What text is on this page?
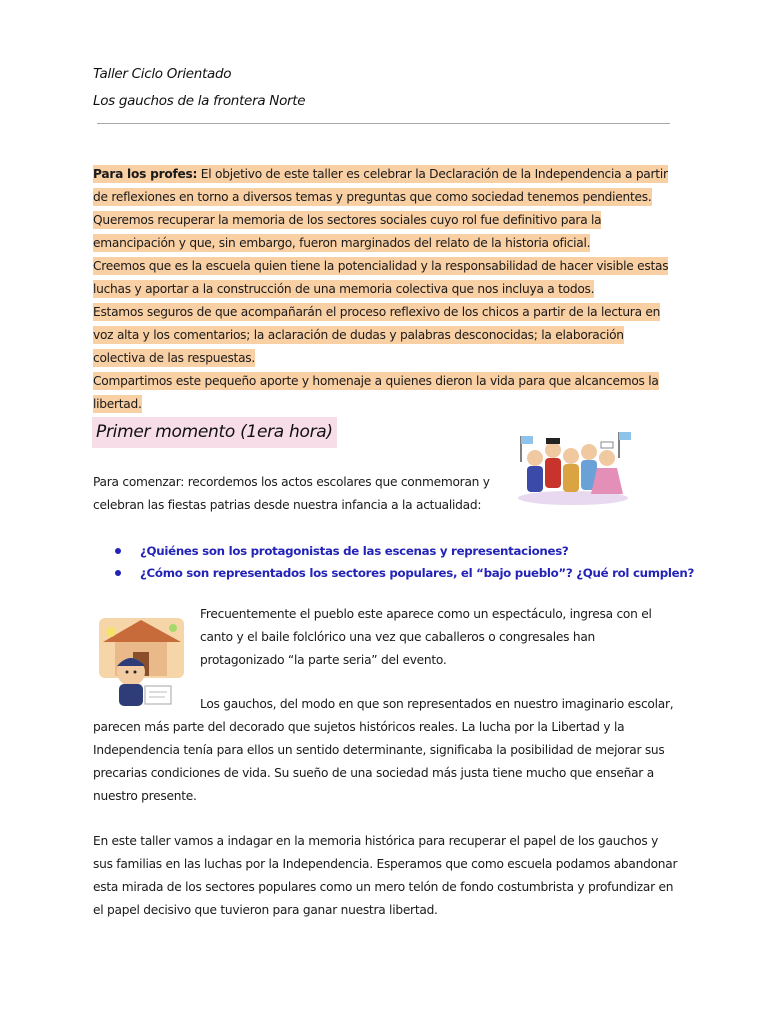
Taller Ciclo Orientado
Los gauchos de la frontera Norte
Para los profes: El objetivo de este taller es celebrar la Declaración de la Independencia a partir de reflexiones en torno a diversos temas y preguntas que como sociedad tenemos pendientes. Queremos recuperar la memoria de los sectores sociales cuyo rol fue definitivo para la emancipación y que, sin embargo, fueron marginados del relato de la historia oficial.
Creemos que es la escuela quien tiene la potencialidad y la responsabilidad de hacer visible estas luchas y aportar a la construcción de una memoria colectiva que nos incluya a todos.
Estamos seguros de que acompañarán el proceso reflexivo de los chicos a partir de la lectura en voz alta y los comentarios; la aclaración de dudas y palabras desconocidas; la elaboración colectiva de las respuestas.
Compartimos este pequeño aporte y homenaje a quienes dieron la vida para que alcancemos la libertad.
Primer momento (1era hora)
Para comenzar: recordemos los actos escolares que conmemoran y celebran las fiestas patrias desde nuestra infancia a la actualidad:
¿Quiénes son los protagonistas de las escenas y representaciones?
¿Cómo son representados los sectores populares, el “bajo pueblo”? ¿Qué rol cumplen?
Frecuentemente el pueblo este aparece como un espectáculo, ingresa con el canto y el baile folclórico una vez que caballeros o congresales han protagonizado “la parte seria” del evento.
Los gauchos, del modo en que son representados en nuestro imaginario escolar, parecen más parte del decorado que sujetos históricos reales. La lucha por la Libertad y la Independencia tenía para ellos un sentido determinante, significaba la posibilidad de mejorar sus precarias condiciones de vida. Su sueño de una sociedad más justa tiene mucho que enseñar a nuestro presente.
En este taller vamos a indagar en la memoria histórica para recuperar el papel de los gauchos y sus familias en las luchas por la Independencia. Esperamos que como escuela podamos abandonar esta mirada de los sectores populares como un mero telón de fondo costumbrista y profundizar en el papel decisivo que tuvieron para ganar nuestra libertad.
